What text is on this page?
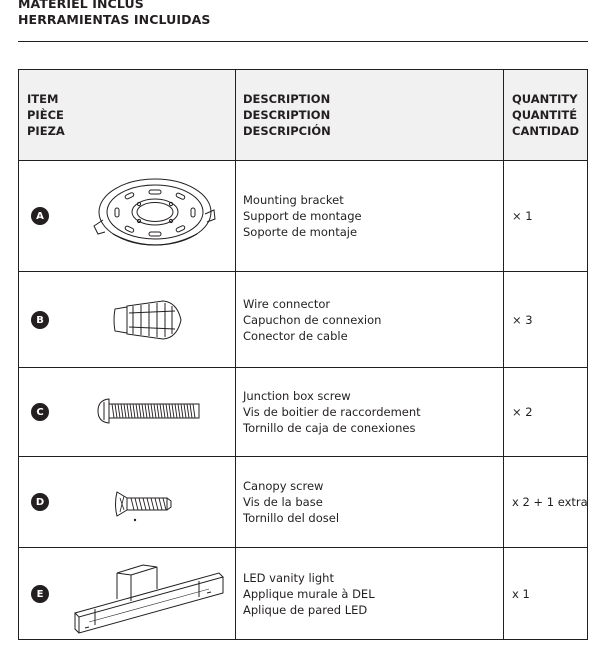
MATERIEL INCLUS
HERRAMIENTAS INCLUIDAS
ITEM
PIÈCE
PIEZA
DESCRIPTION
DESCRIPTION
DESCRIPCIÓN
QUANTITY
QUANTITÉ
CANTIDAD
A
Mounting bracket
Support de montage
Soporte de montaje
× 1
B
Wire connector
Capuchon de connexion
Conector de cable
× 3
C
Junction box screw
Vis de boitier de raccordement
Tornillo de caja de conexiones
× 2
D
Canopy screw
Vis de la base
Tornillo del dosel
x 2 + 1 extra
E
LED vanity light
Applique murale à DEL
Aplique de pared LED
x 1
